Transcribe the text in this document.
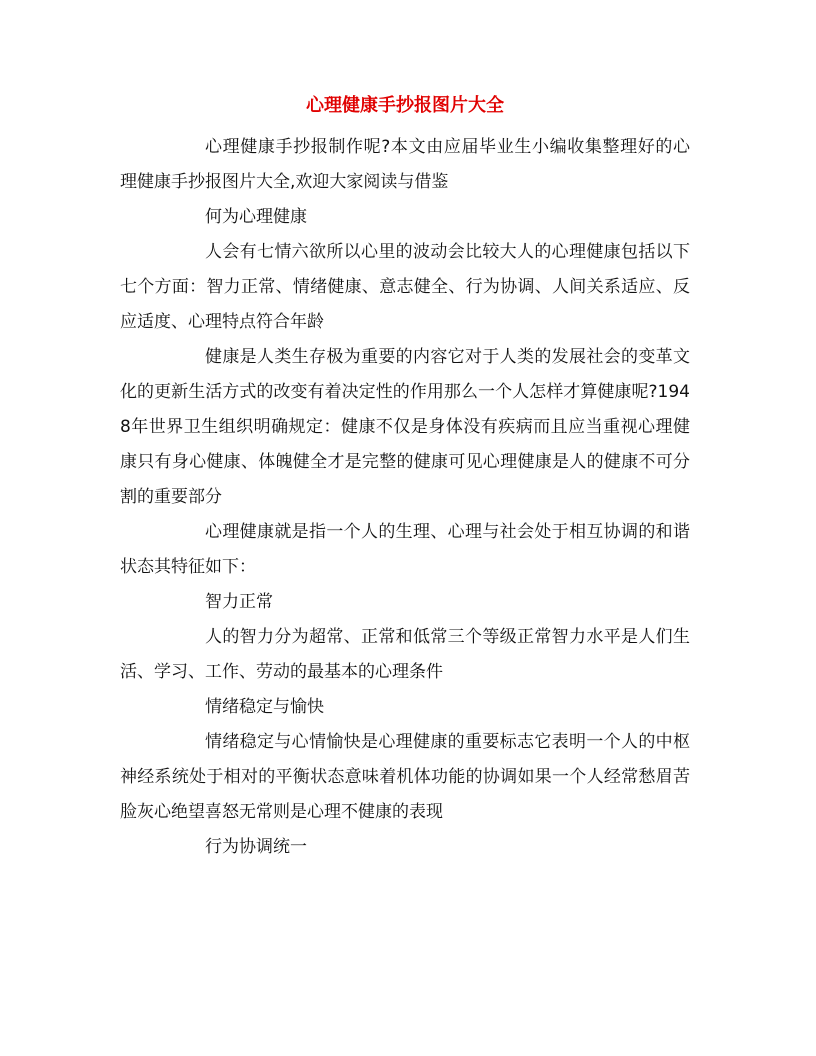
心理健康手抄报图片大全

心理健康手抄报制作呢?本文由应届毕业生小编收集整理好的心理健康手抄报图片大全,欢迎大家阅读与借鉴

何为心理健康

人会有七情六欲所以心里的波动会比较大人的心理健康包括以下七个方面：智力正常、情绪健康、意志健全、行为协调、人间关系适应、反应适度、心理特点符合年龄

健康是人类生存极为重要的内容它对于人类的发展社会的变革文化的更新生活方式的改变有着决定性的作用那么一个人怎样才算健康呢?1948年世界卫生组织明确规定：健康不仅是身体没有疾病而且应当重视心理健康只有身心健康、体魄健全才是完整的健康可见心理健康是人的健康不可分割的重要部分

心理健康就是指一个人的生理、心理与社会处于相互协调的和谐状态其特征如下：

智力正常

人的智力分为超常、正常和低常三个等级正常智力水平是人们生活、学习、工作、劳动的最基本的心理条件

情绪稳定与愉快

情绪稳定与心情愉快是心理健康的重要标志它表明一个人的中枢神经系统处于相对的平衡状态意味着机体功能的协调如果一个人经常愁眉苦脸灰心绝望喜怒无常则是心理不健康的表现

行为协调统一
